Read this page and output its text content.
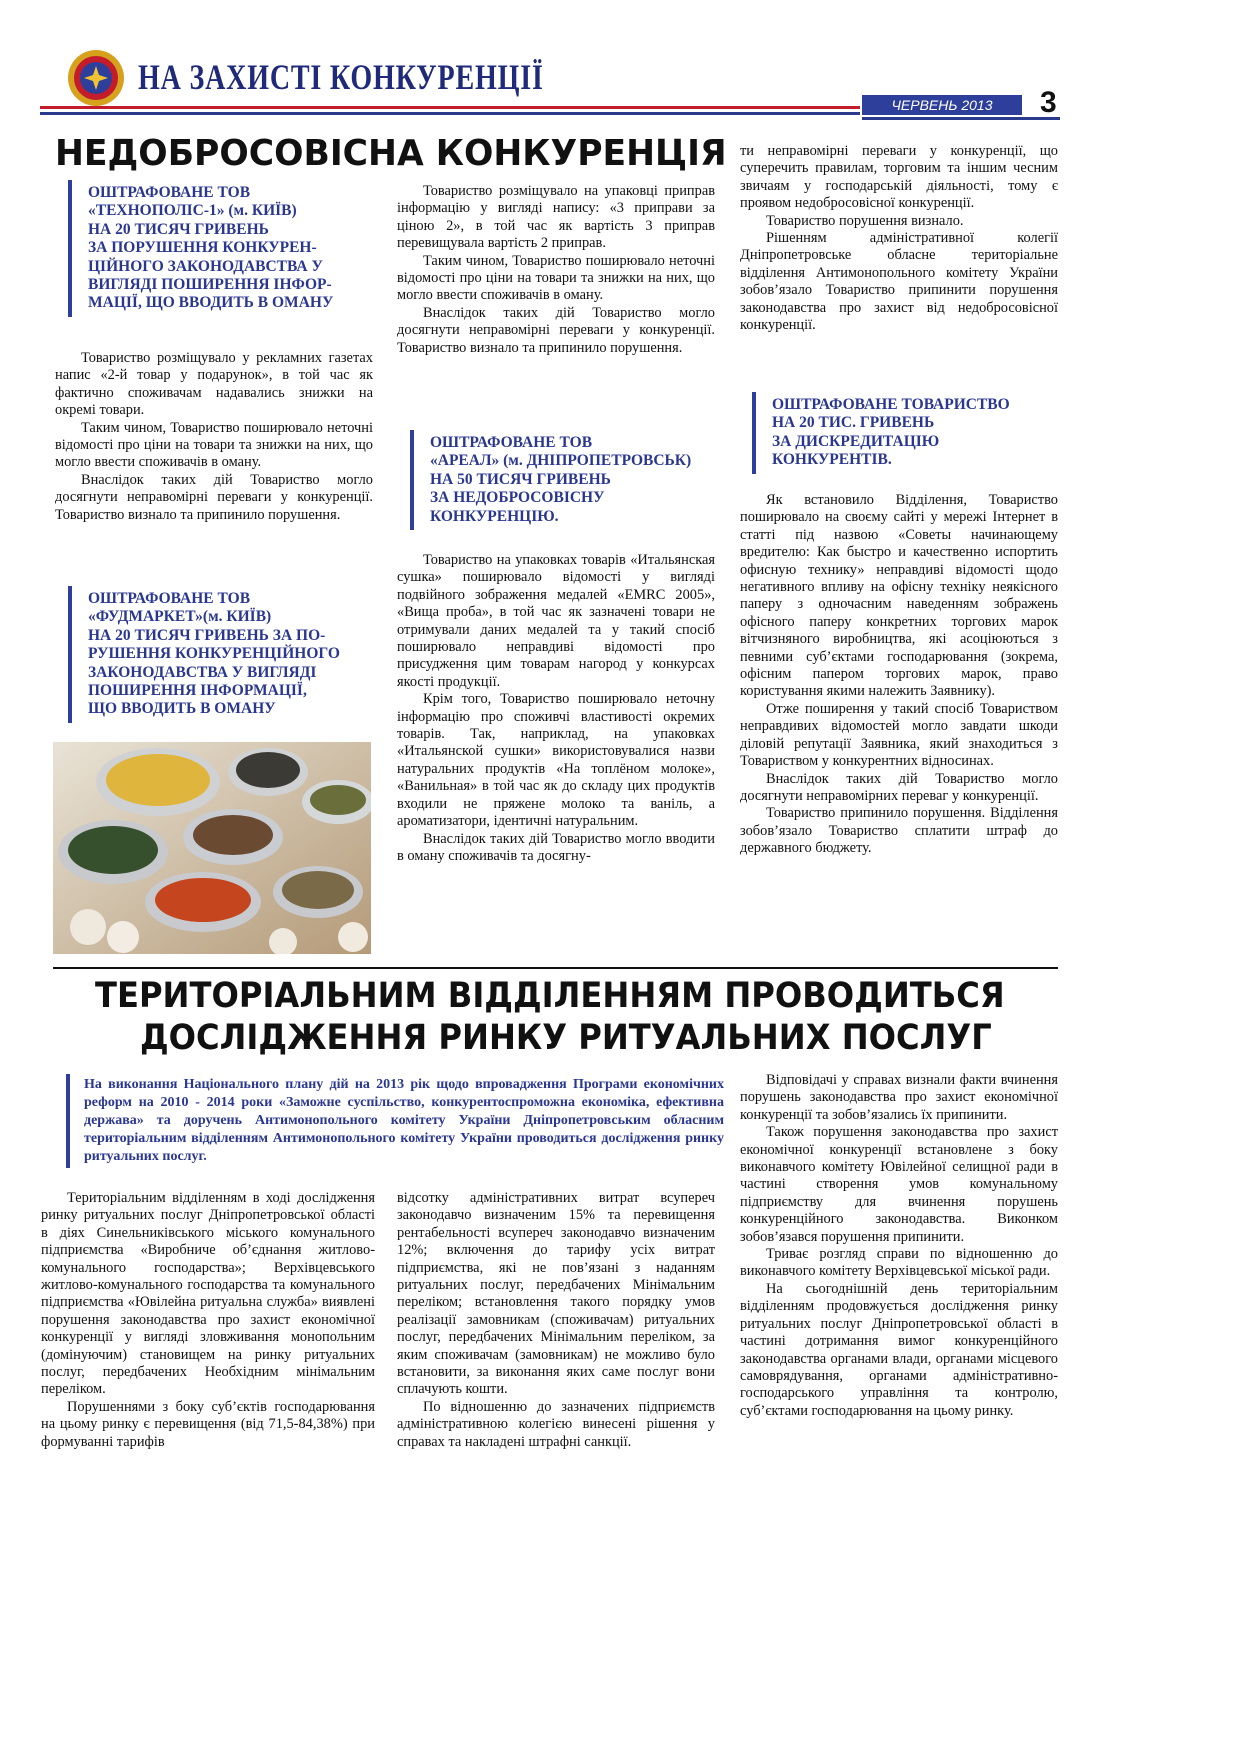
НА ЗАХИСТІ КОНКУРЕНЦІЇ
ЧЕРВЕНЬ 2013	3
НЕДОБРОСОВІСНА КОНКУРЕНЦІЯ
ОШТРАФОВАНЕ ТОВ
«ТЕХНОПОЛІС-1» (м. КИЇВ)
НА 20 ТИСЯЧ ГРИВЕНЬ
ЗА ПОРУШЕННЯ КОНКУРЕН-
ЦІЙНОГО ЗАКОНОДАВСТВА У
ВИГЛЯДІ ПОШИРЕННЯ ІНФОР-
МАЦІЇ, ЩО ВВОДИТЬ В ОМАНУ

Товариство розміщувало у рекламних газетах напис «2-й товар у подарунок», в той час як фактично споживачам надавались знижки на окремі товари.

Таким чином, Товариство поширювало неточні відомості про ціни на товари та знижки на них, що могло ввести споживачів в оману.

Внаслідок таких дій Товариство могло досягнути неправомірні переваги у конкуренції. Товариство визнало та припинило порушення.

ОШТРАФОВАНЕ ТОВ
«ФУДМАРКЕТ»(м. КИЇВ)
НА 20 ТИСЯЧ ГРИВЕНЬ ЗА ПО-
РУШЕННЯ КОНКУРЕНЦІЙНОГО
ЗАКОНОДАВСТВА У ВИГЛЯДІ
ПОШИРЕННЯ ІНФОРМАЦІЇ,
ЩО ВВОДИТЬ В ОМАНУ

Товариство розміщувало на упаковці приправ інформацію у вигляді напису: «3 приправи за ціною 2», в той час як вартість 3 приправ перевищувала вартість 2 приправ.

Таким чином, Товариство поширювало неточні відомості про ціни на товари та знижки на них, що могло ввести споживачів в оману.

Внаслідок таких дій Товариство могло досягнути неправомірні переваги у конкуренції. Товариство визнало та припинило порушення.

ОШТРАФОВАНЕ ТОВ
«АРЕАЛ» (м. ДНІПРОПЕТРОВСЬК)
НА 50 ТИСЯЧ ГРИВЕНЬ
ЗА НЕДОБРОСОВІСНУ
КОНКУРЕНЦІЮ.

Товариство на упаковках товарів «Итальянская сушка» поширювало відомості у вигляді подвійного зображення медалей «EMRC 2005», «Вища проба», в той час як зазначені товари не отримували даних медалей та у такий спосіб поширювало неправдиві відомості про присудження цим товарам нагород у конкурсах якості продукції.

Крім того, Товариство поширювало неточну інформацію про споживчі властивості окремих товарів. Так, наприклад, на упаковках «Итальянской сушки» використовувалися назви натуральних продуктів «На топлёном молоке», «Ванильная» в той час як до складу цих продуктів входили не пряжене молоко та ваніль, а ароматизатори, ідентичні натуральним.

Внаслідок таких дій Товариство могло вводити в оману споживачів та досягну-

ти неправомірні переваги у конкуренції, що суперечить правилам, торговим та іншим чесним звичаям у господарській діяльності, тому є проявом недобросовісної конкуренції.

Товариство порушення визнало.

Рішенням адміністративної колегії Дніпропетровське обласне територіальне відділення Антимонопольного комітету України зобов’язало Товариство припинити порушення законодавства про захист від недобросовісної конкуренції.

ОШТРАФОВАНЕ ТОВАРИСТВО
НА 20 ТИС. ГРИВЕНЬ
ЗА ДИСКРЕДИТАЦІЮ
КОНКУРЕНТІВ.

Як встановило Відділення, Товариство поширювало на своєму сайті у мережі Інтернет в статті під назвою «Советы начинающему вредителю: Как быстро и качественно испортить офисную технику» неправдиві відомості щодо негативного впливу на офісну техніку неякісного паперу з одночасним наведенням зображень офісного паперу конкретних торгових марок вітчизняного виробництва, які асоціюються з певними суб’єктами господарювання (зокрема, офісним папером торгових марок, право користування якими належить Заявнику).

Отже поширення у такий спосіб Товариством неправдивих відомостей могло завдати шкоди діловій репутації Заявника, який знаходиться з Товариством у конкурентних відносинах.

Внаслідок таких дій Товариство могло досягнути неправомірних переваг у конкуренції.

Товариство припинило порушення. Відділення зобов’язало Товариство сплатити штраф до державного бюджету.

ТЕРИТОРІАЛЬНИМ ВІДДІЛЕННЯМ ПРОВОДИТЬСЯ
ДОСЛІДЖЕННЯ РИНКУ РИТУАЛЬНИХ ПОСЛУГ
На виконання Національного плану дій на 2013 рік щодо впровадження Програми економічних реформ на 2010 - 2014 роки «Заможне суспільство, конкурентоспроможна економіка, ефективна держава» та доручень Антимонопольного комітету України Дніпропетровським обласним територіальним відділенням Антимонопольного комітету України проводиться дослідження ринку ритуальних послуг.

Територіальним відділенням в ході дослідження ринку ритуальних послуг Дніпропетровської області в діях Синельниківського міського комунального підприємства «Виробниче об’єднання житлово-комунального господарства»; Верхівцевського житлово-комунального господарства та комунального підприємства «Ювілейна ритуальна служба» виявлені порушення законодавства про захист економічної конкуренції у вигляді зловживання монопольним (домінуючим) становищем на ринку ритуальних послуг, передбачених Необхідним мінімальним переліком.

Порушеннями з боку суб’єктів господарювання на цьому ринку є перевищення (від 71,5-84,38%) при формуванні тарифів

відсотку адміністративних витрат всупереч законодавчо визначеним 15% та перевищення рентабельності всупереч законодавчо визначеним 12%; включення до тарифу усіх витрат підприємства, які не пов’язані з наданням ритуальних послуг, передбачених Мінімальним переліком; встановлення такого порядку умов реалізації замовникам (споживачам) ритуальних послуг, передбачених Мінімальним переліком, за яким споживачам (замовникам) не можливо було встановити, за виконання яких саме послуг вони сплачують кошти.

По відношенню до зазначених підприємств адміністративною колегією винесені рішення у справах та накладені штрафні санкції.

Відповідачі у справах визнали факти вчинення порушень законодавства про захист економічної конкуренції та зобов’язались їх припинити.

Також порушення законодавства про захист економічної конкуренції встановлене з боку виконавчого комітету Ювілейної селищної ради в частині створення умов комунальному підприємству для вчинення порушень конкуренційного законодавства. Виконком зобов’язався порушення припинити.

Триває розгляд справи по відношенню до виконавчого комітету Верхівцевської міської ради.

На сьогоднішній день територіальним відділенням продовжується дослідження ринку ритуальних послуг Дніпропетровської області в частині дотримання вимог конкуренційного законодавства органами влади, органами місцевого самоврядування, органами адміністративно-господарського управління та контролю, суб’єктами господарювання на цьому ринку.
